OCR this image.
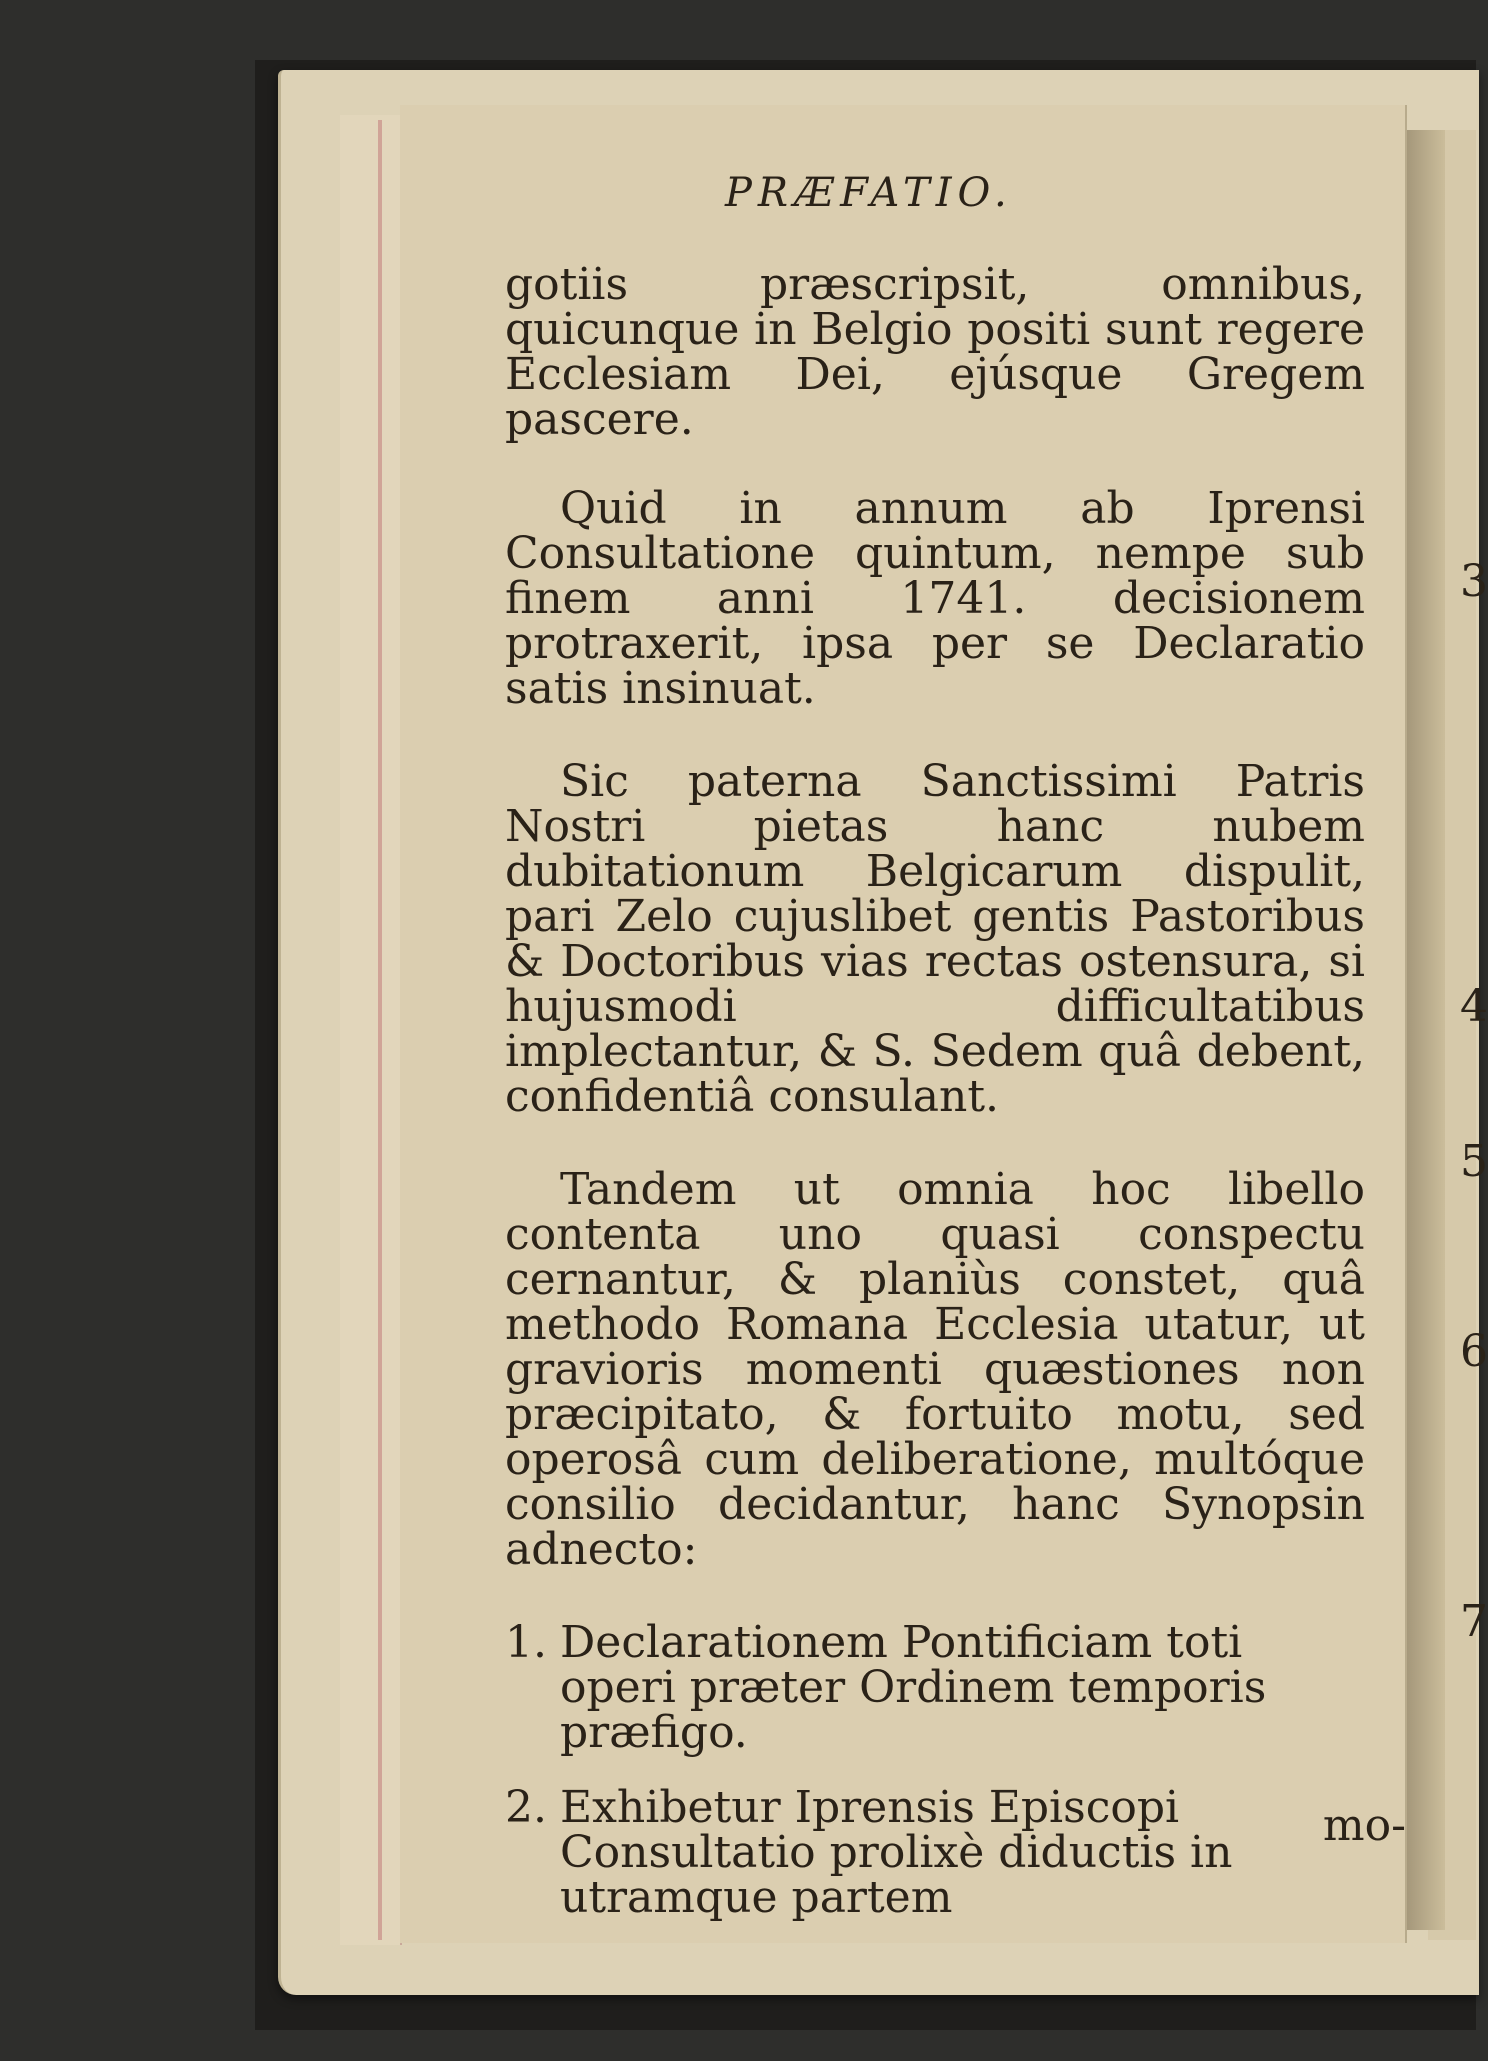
3
4
5
6
7
PRÆFATIO.

gotiis præscripsit, omnibus, quicunque in Belgio positi sunt regere Ecclesiam Dei, ejúsque Gregem pascere.

Quid in annum ab Iprensi Consultatione quintum, nempe sub finem anni 1741. decisionem protraxerit, ipsa per se Declaratio satis insinuat.

Sic paterna Sanctissimi Patris Nostri pietas hanc nubem dubitationum Belgicarum dispulit, pari Zelo cujuslibet gentis Pastoribus & Doctoribus vias rectas ostensura, si hujusmodi difficultatibus implectantur, & S. Sedem quâ debent, confidentiâ consulant.

Tandem ut omnia hoc libello contenta uno quasi conspectu cernantur, & planiùs constet, quâ methodo Romana Ecclesia utatur, ut gravioris momenti quæstiones non præcipitato, & fortuito motu, sed operosâ cum deliberatione, multóque consilio decidantur, hanc Synopsin adnecto:

1. Declarationem Pontificiam toti operi præter Ordinem temporis præfigo.
2. Exhibetur Iprensis Episcopi Consultatio prolixè diductis in utramque partem
mo-
